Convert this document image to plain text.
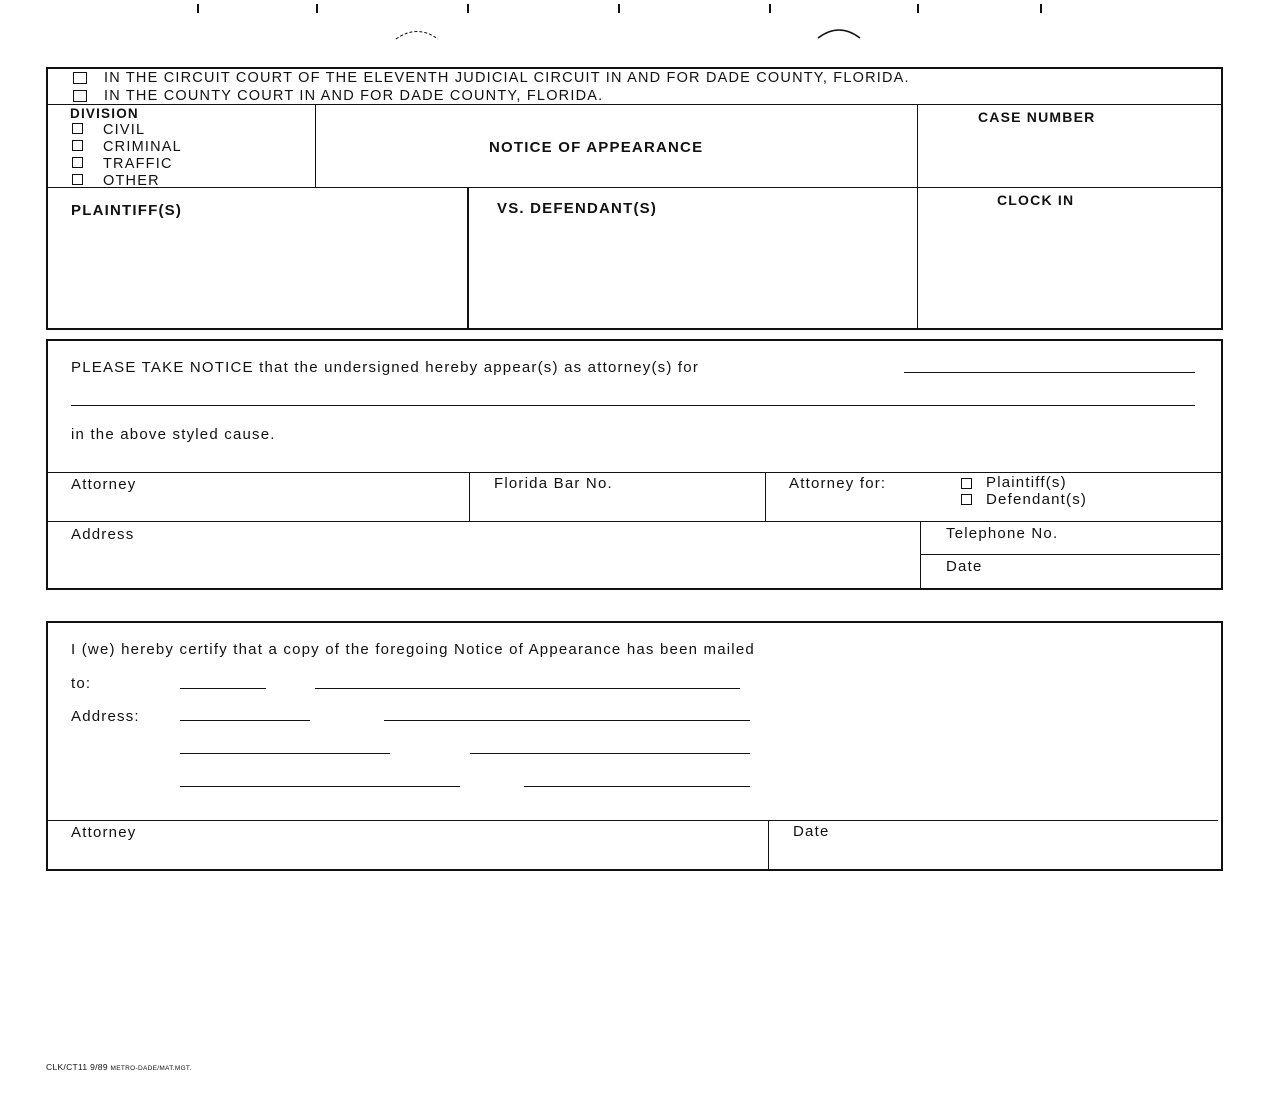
IN THE CIRCUIT COURT OF THE ELEVENTH JUDICIAL CIRCUIT IN AND FOR DADE COUNTY, FLORIDA.
IN THE COUNTY COURT IN AND FOR DADE COUNTY, FLORIDA.
DIVISION
CIVIL
CRIMINAL
TRAFFIC
OTHER
NOTICE OF APPEARANCE
CASE NUMBER
PLAINTIFF(S)	VS. DEFENDANT(S)	CLOCK IN
PLEASE TAKE NOTICE that the undersigned hereby appear(s) as attorney(s) for
in the above styled cause.
Attorney	Florida Bar No.	Attorney for:	Plaintiff(s)
Defendant(s)
Address	Telephone No.
Date
I (we) hereby certify that a copy of the foregoing Notice of Appearance has been mailed
to:
Address:
Attorney	Date
CLK/CT11 9/89 METRO-DADE/MAT.MGT.
